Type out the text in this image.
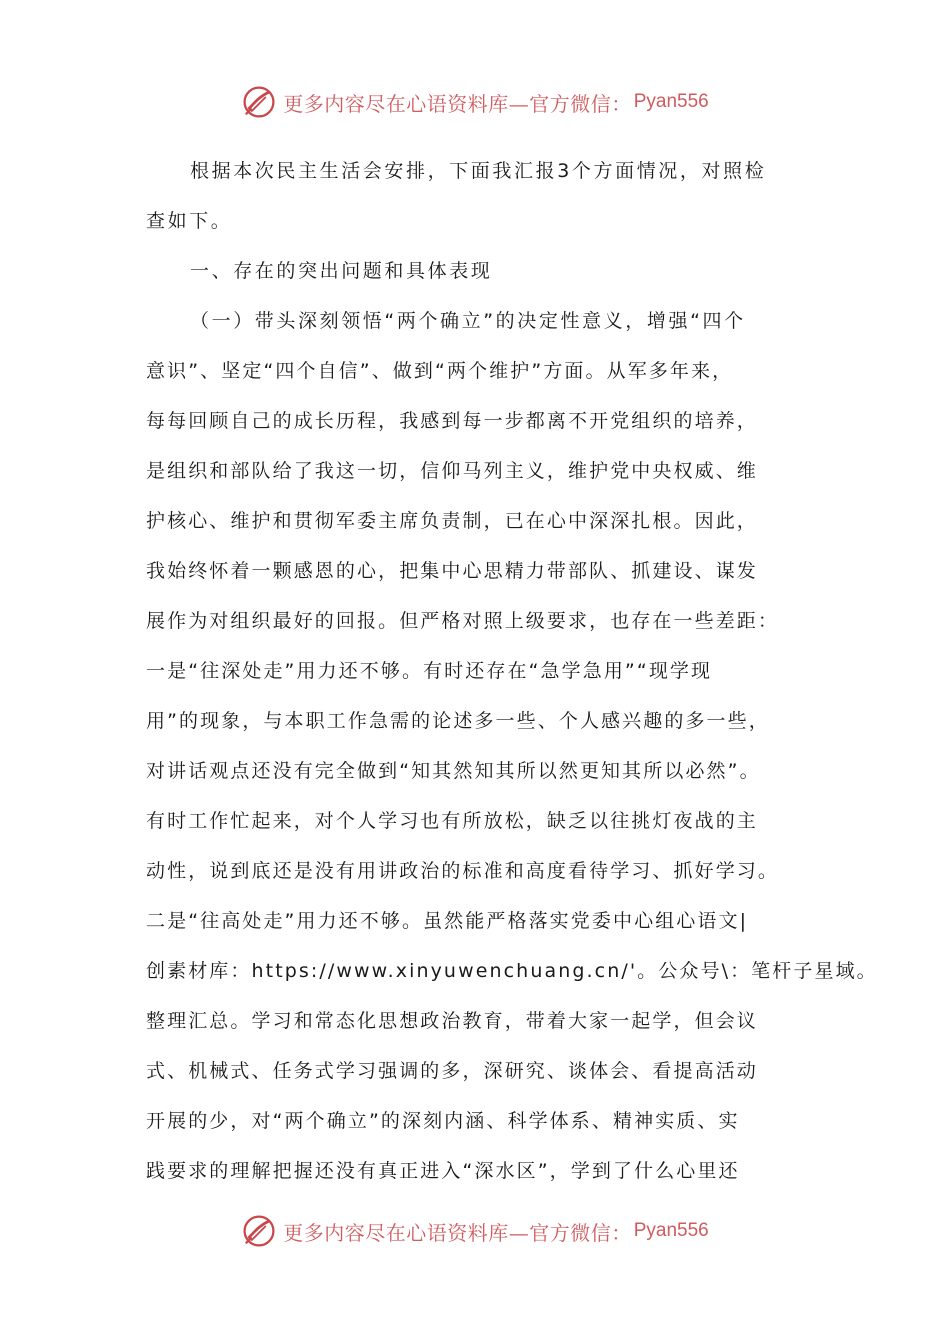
更多内容尽在心语资料库—官方微信： Pyan556
根据本次民主生活会安排，下面我汇报3个方面情况，对照检
查如下。
一、存在的突出问题和具体表现
（一）带头深刻领悟“两个确立”的决定性意义，增强“四个
意识”、坚定“四个自信”、做到“两个维护”方面。从军多年来，
每每回顾自己的成长历程，我感到每一步都离不开党组织的培养，
是组织和部队给了我这一切，信仰马列主义，维护党中央权威、维
护核心、维护和贯彻军委主席负责制，已在心中深深扎根。因此，
我始终怀着一颗感恩的心，把集中心思精力带部队、抓建设、谋发
展作为对组织最好的回报。但严格对照上级要求，也存在一些差距：
一是“往深处走”用力还不够。有时还存在“急学急用”“现学现
用”的现象，与本职工作急需的论述多一些、个人感兴趣的多一些，
对讲话观点还没有完全做到“知其然知其所以然更知其所以必然”。
有时工作忙起来，对个人学习也有所放松，缺乏以往挑灯夜战的主
动性，说到底还是没有用讲政治的标准和高度看待学习、抓好学习。
二是“往高处走”用力还不够。虽然能严格落实党委中心组心语文|
创素材库：https://www.xinyuwenchuang.cn/'。公众号\：笔杆子星域。
整理汇总。学习和常态化思想政治教育，带着大家一起学，但会议
式、机械式、任务式学习强调的多，深研究、谈体会、看提高活动
开展的少，对“两个确立”的深刻内涵、科学体系、精神实质、实
践要求的理解把握还没有真正进入“深水区”，学到了什么心里还
更多内容尽在心语资料库—官方微信： Pyan556
